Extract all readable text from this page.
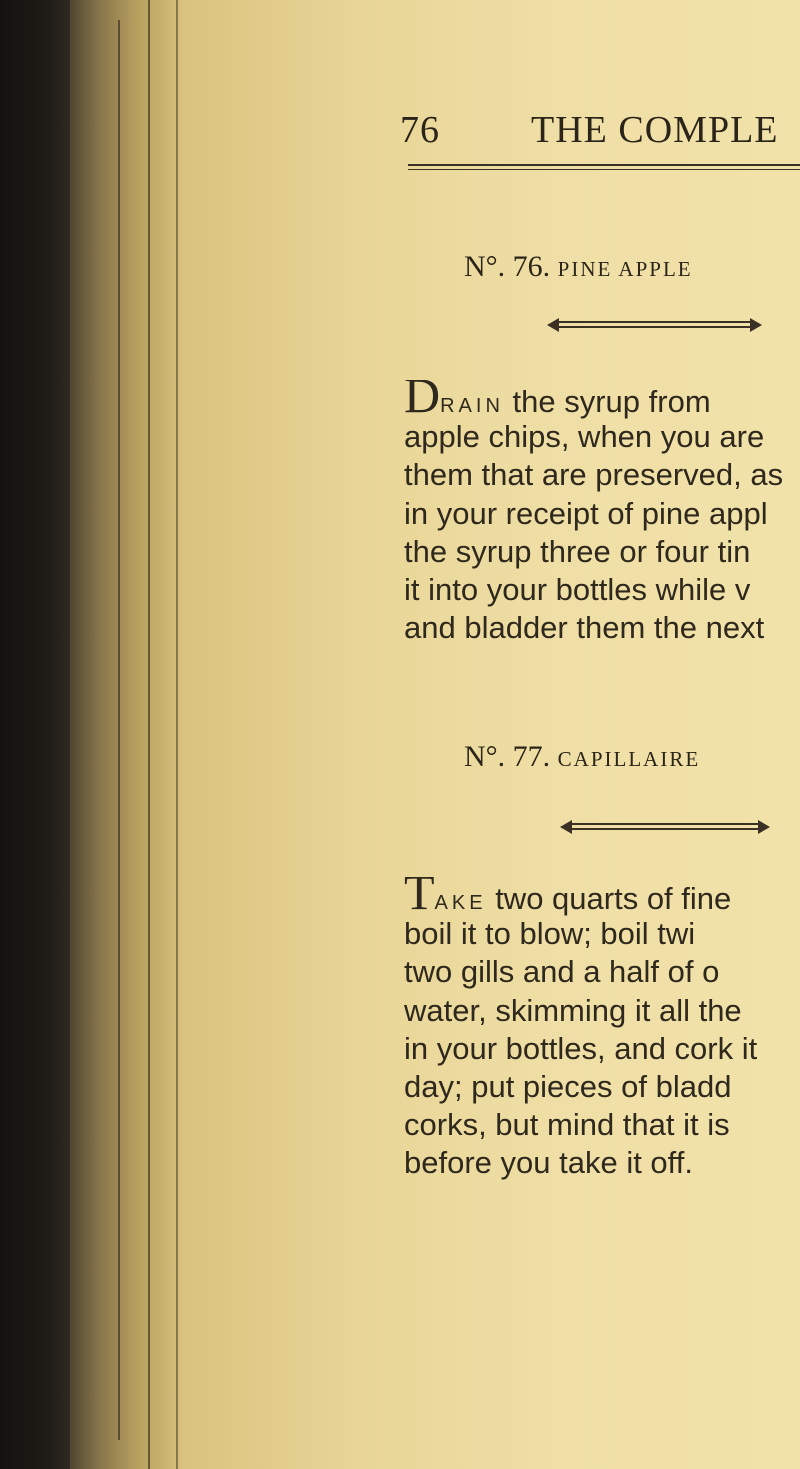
76 THE COMPLE
N°. 76. PINE APPLE
DRAIN the syrup from
apple chips, when you are
them that are preserved, as
in your receipt of pine appl
the syrup three or four tin
it into your bottles while v
and bladder them the next
N°. 77. CAPILLAIRE
TAKE two quarts of fine
boil it to blow; boil twi
two gills and a half of o
water, skimming it all the
in your bottles, and cork it
day; put pieces of bladd
corks, but mind that it is
before you take it off.
